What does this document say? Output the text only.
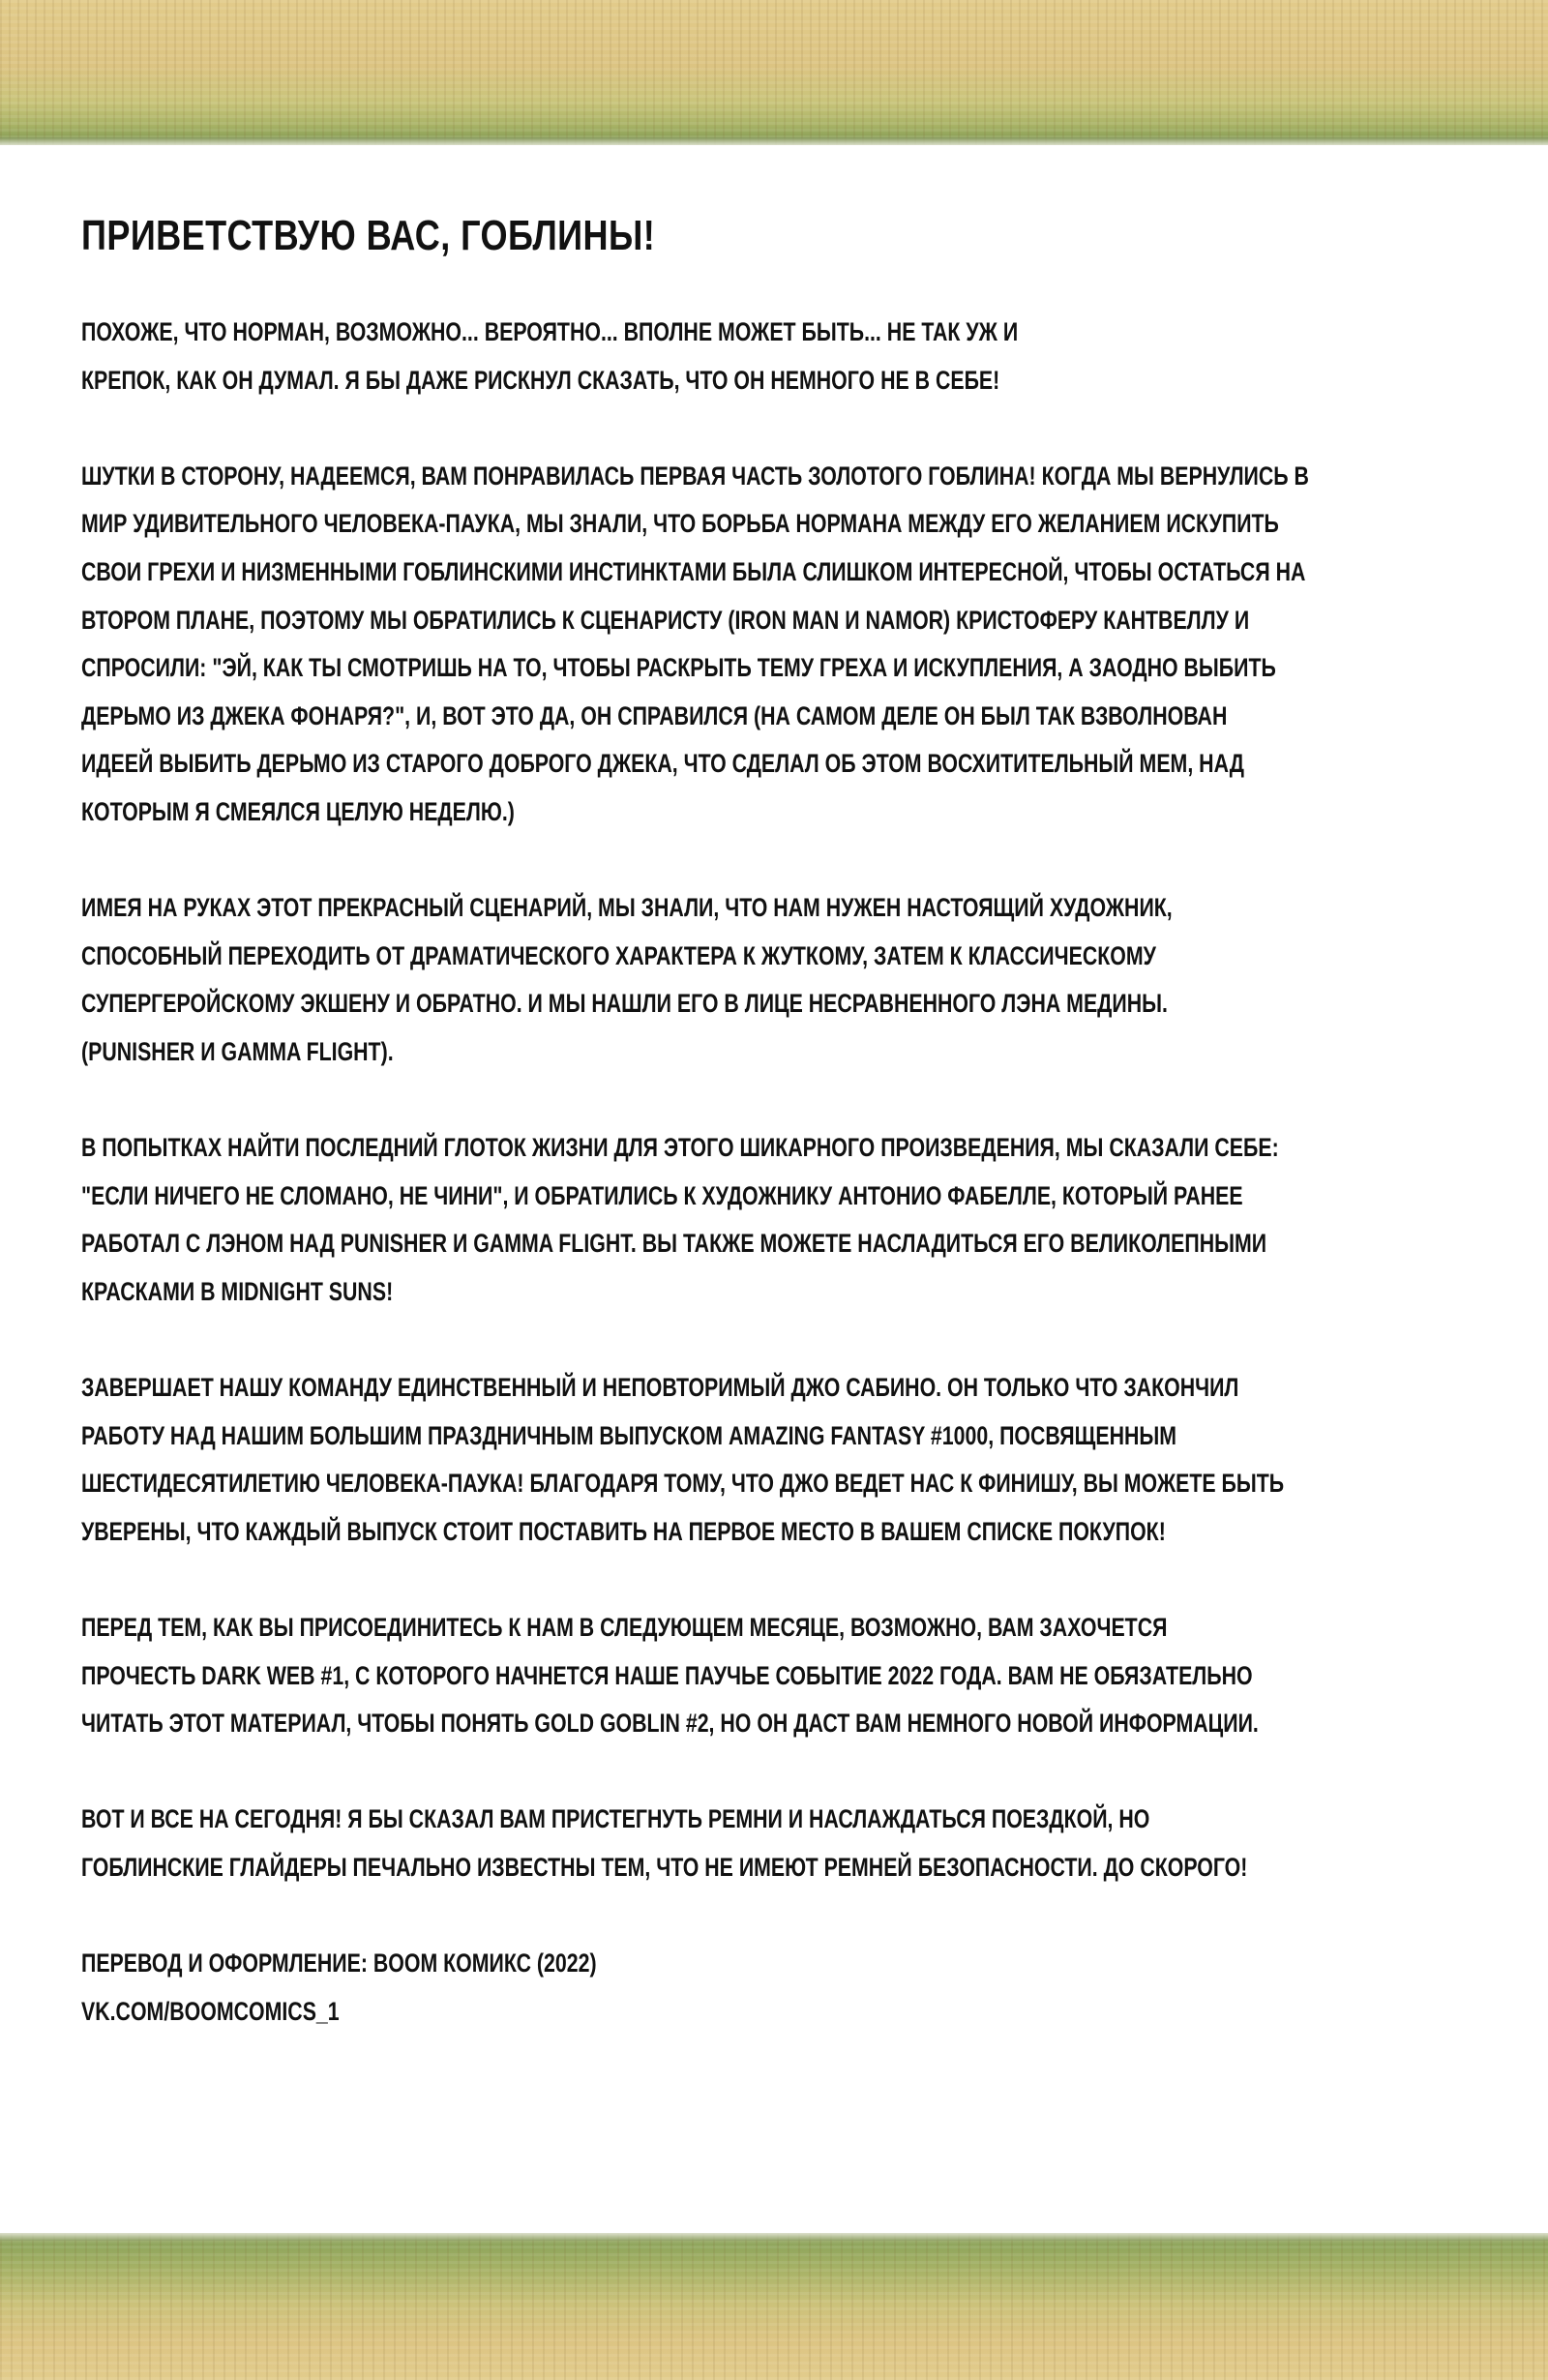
ПРИВЕТСТВУЮ ВАС, ГОБЛИНЫ!
ПОХОЖЕ, ЧТО НОРМАН, ВОЗМОЖНО... ВЕРОЯТНО... ВПОЛНЕ МОЖЕТ БЫТЬ... НЕ ТАК УЖ И
КРЕПОК, КАК ОН ДУМАЛ. Я БЫ ДАЖЕ РИСКНУЛ СКАЗАТЬ, ЧТО ОН НЕМНОГО НЕ В СЕБЕ!
ШУТКИ В СТОРОНУ, НАДЕЕМСЯ, ВАМ ПОНРАВИЛАСЬ ПЕРВАЯ ЧАСТЬ ЗОЛОТОГО ГОБЛИНА! КОГДА МЫ ВЕРНУЛИСЬ В
МИР УДИВИТЕЛЬНОГО ЧЕЛОВЕКА-ПАУКА, МЫ ЗНАЛИ, ЧТО БОРЬБА НОРМАНА МЕЖДУ ЕГО ЖЕЛАНИЕМ ИСКУПИТЬ
СВОИ ГРЕХИ И НИЗМЕННЫМИ ГОБЛИНСКИМИ ИНСТИНКТАМИ БЫЛА СЛИШКОМ ИНТЕРЕСНОЙ, ЧТОБЫ ОСТАТЬСЯ НА
ВТОРОМ ПЛАНЕ, ПОЭТОМУ МЫ ОБРАТИЛИСЬ К СЦЕНАРИСТУ (IRON MAN И NAMOR) КРИСТОФЕРУ КАНТВЕЛЛУ И
СПРОСИЛИ: "ЭЙ, КАК ТЫ СМОТРИШЬ НА ТО, ЧТОБЫ РАСКРЫТЬ ТЕМУ ГРЕХА И ИСКУПЛЕНИЯ, А ЗАОДНО ВЫБИТЬ
ДЕРЬМО ИЗ ДЖЕКА ФОНАРЯ?", И, ВОТ ЭТО ДА, ОН СПРАВИЛСЯ (НА САМОМ ДЕЛЕ ОН БЫЛ ТАК ВЗВОЛНОВАН
ИДЕЕЙ ВЫБИТЬ ДЕРЬМО ИЗ СТАРОГО ДОБРОГО ДЖЕКА, ЧТО СДЕЛАЛ ОБ ЭТОМ ВОСХИТИТЕЛЬНЫЙ МЕМ, НАД
КОТОРЫМ Я СМЕЯЛСЯ ЦЕЛУЮ НЕДЕЛЮ.)
ИМЕЯ НА РУКАХ ЭТОТ ПРЕКРАСНЫЙ СЦЕНАРИЙ, МЫ ЗНАЛИ, ЧТО НАМ НУЖЕН НАСТОЯЩИЙ ХУДОЖНИК,
СПОСОБНЫЙ ПЕРЕХОДИТЬ ОТ ДРАМАТИЧЕСКОГО ХАРАКТЕРА К ЖУТКОМУ, ЗАТЕМ К КЛАССИЧЕСКОМУ
СУПЕРГЕРОЙСКОМУ ЭКШЕНУ И ОБРАТНО. И МЫ НАШЛИ ЕГО В ЛИЦЕ НЕСРАВНЕННОГО ЛЭНА МЕДИНЫ.
(PUNISHER И GAMMA FLIGHT).
В ПОПЫТКАХ НАЙТИ ПОСЛЕДНИЙ ГЛОТОК ЖИЗНИ ДЛЯ ЭТОГО ШИКАРНОГО ПРОИЗВЕДЕНИЯ, МЫ СКАЗАЛИ СЕБЕ:
"ЕСЛИ НИЧЕГО НЕ СЛОМАНО, НЕ ЧИНИ", И ОБРАТИЛИСЬ К ХУДОЖНИКУ АНТОНИО ФАБЕЛЛЕ, КОТОРЫЙ РАНЕЕ
РАБОТАЛ С ЛЭНОМ НАД PUNISHER И GAMMA FLIGHT. ВЫ ТАКЖЕ МОЖЕТЕ НАСЛАДИТЬСЯ ЕГО ВЕЛИКОЛЕПНЫМИ
КРАСКАМИ В MIDNIGHT SUNS!
ЗАВЕРШАЕТ НАШУ КОМАНДУ ЕДИНСТВЕННЫЙ И НЕПОВТОРИМЫЙ ДЖО САБИНО. ОН ТОЛЬКО ЧТО ЗАКОНЧИЛ
РАБОТУ НАД НАШИМ БОЛЬШИМ ПРАЗДНИЧНЫМ ВЫПУСКОМ AMAZING FANTASY #1000, ПОСВЯЩЕННЫМ
ШЕСТИДЕСЯТИЛЕТИЮ ЧЕЛОВЕКА-ПАУКА! БЛАГОДАРЯ ТОМУ, ЧТО ДЖО ВЕДЕТ НАС К ФИНИШУ, ВЫ МОЖЕТЕ БЫТЬ
УВЕРЕНЫ, ЧТО КАЖДЫЙ ВЫПУСК СТОИТ ПОСТАВИТЬ НА ПЕРВОЕ МЕСТО В ВАШЕМ СПИСКЕ ПОКУПОК!
ПЕРЕД ТЕМ, КАК ВЫ ПРИСОЕДИНИТЕСЬ К НАМ В СЛЕДУЮЩЕМ МЕСЯЦЕ, ВОЗМОЖНО, ВАМ ЗАХОЧЕТСЯ
ПРОЧЕСТЬ DARK WEB #1, С КОТОРОГО НАЧНЕТСЯ НАШЕ ПАУЧЬЕ СОБЫТИЕ 2022 ГОДА. ВАМ НЕ ОБЯЗАТЕЛЬНО
ЧИТАТЬ ЭТОТ МАТЕРИАЛ, ЧТОБЫ ПОНЯТЬ GOLD GOBLIN #2, НО ОН ДАСТ ВАМ НЕМНОГО НОВОЙ ИНФОРМАЦИИ.
ВОТ И ВСЕ НА СЕГОДНЯ! Я БЫ СКАЗАЛ ВАМ ПРИСТЕГНУТЬ РЕМНИ И НАСЛАЖДАТЬСЯ ПОЕЗДКОЙ, НО
ГОБЛИНСКИЕ ГЛАЙДЕРЫ ПЕЧАЛЬНО ИЗВЕСТНЫ ТЕМ, ЧТО НЕ ИМЕЮТ РЕМНЕЙ БЕЗОПАСНОСТИ. ДО СКОРОГО!
ПЕРЕВОД И ОФОРМЛЕНИЕ: BOOM КОМИКС (2022)
VK.COM/BOOMCOMICS_1
